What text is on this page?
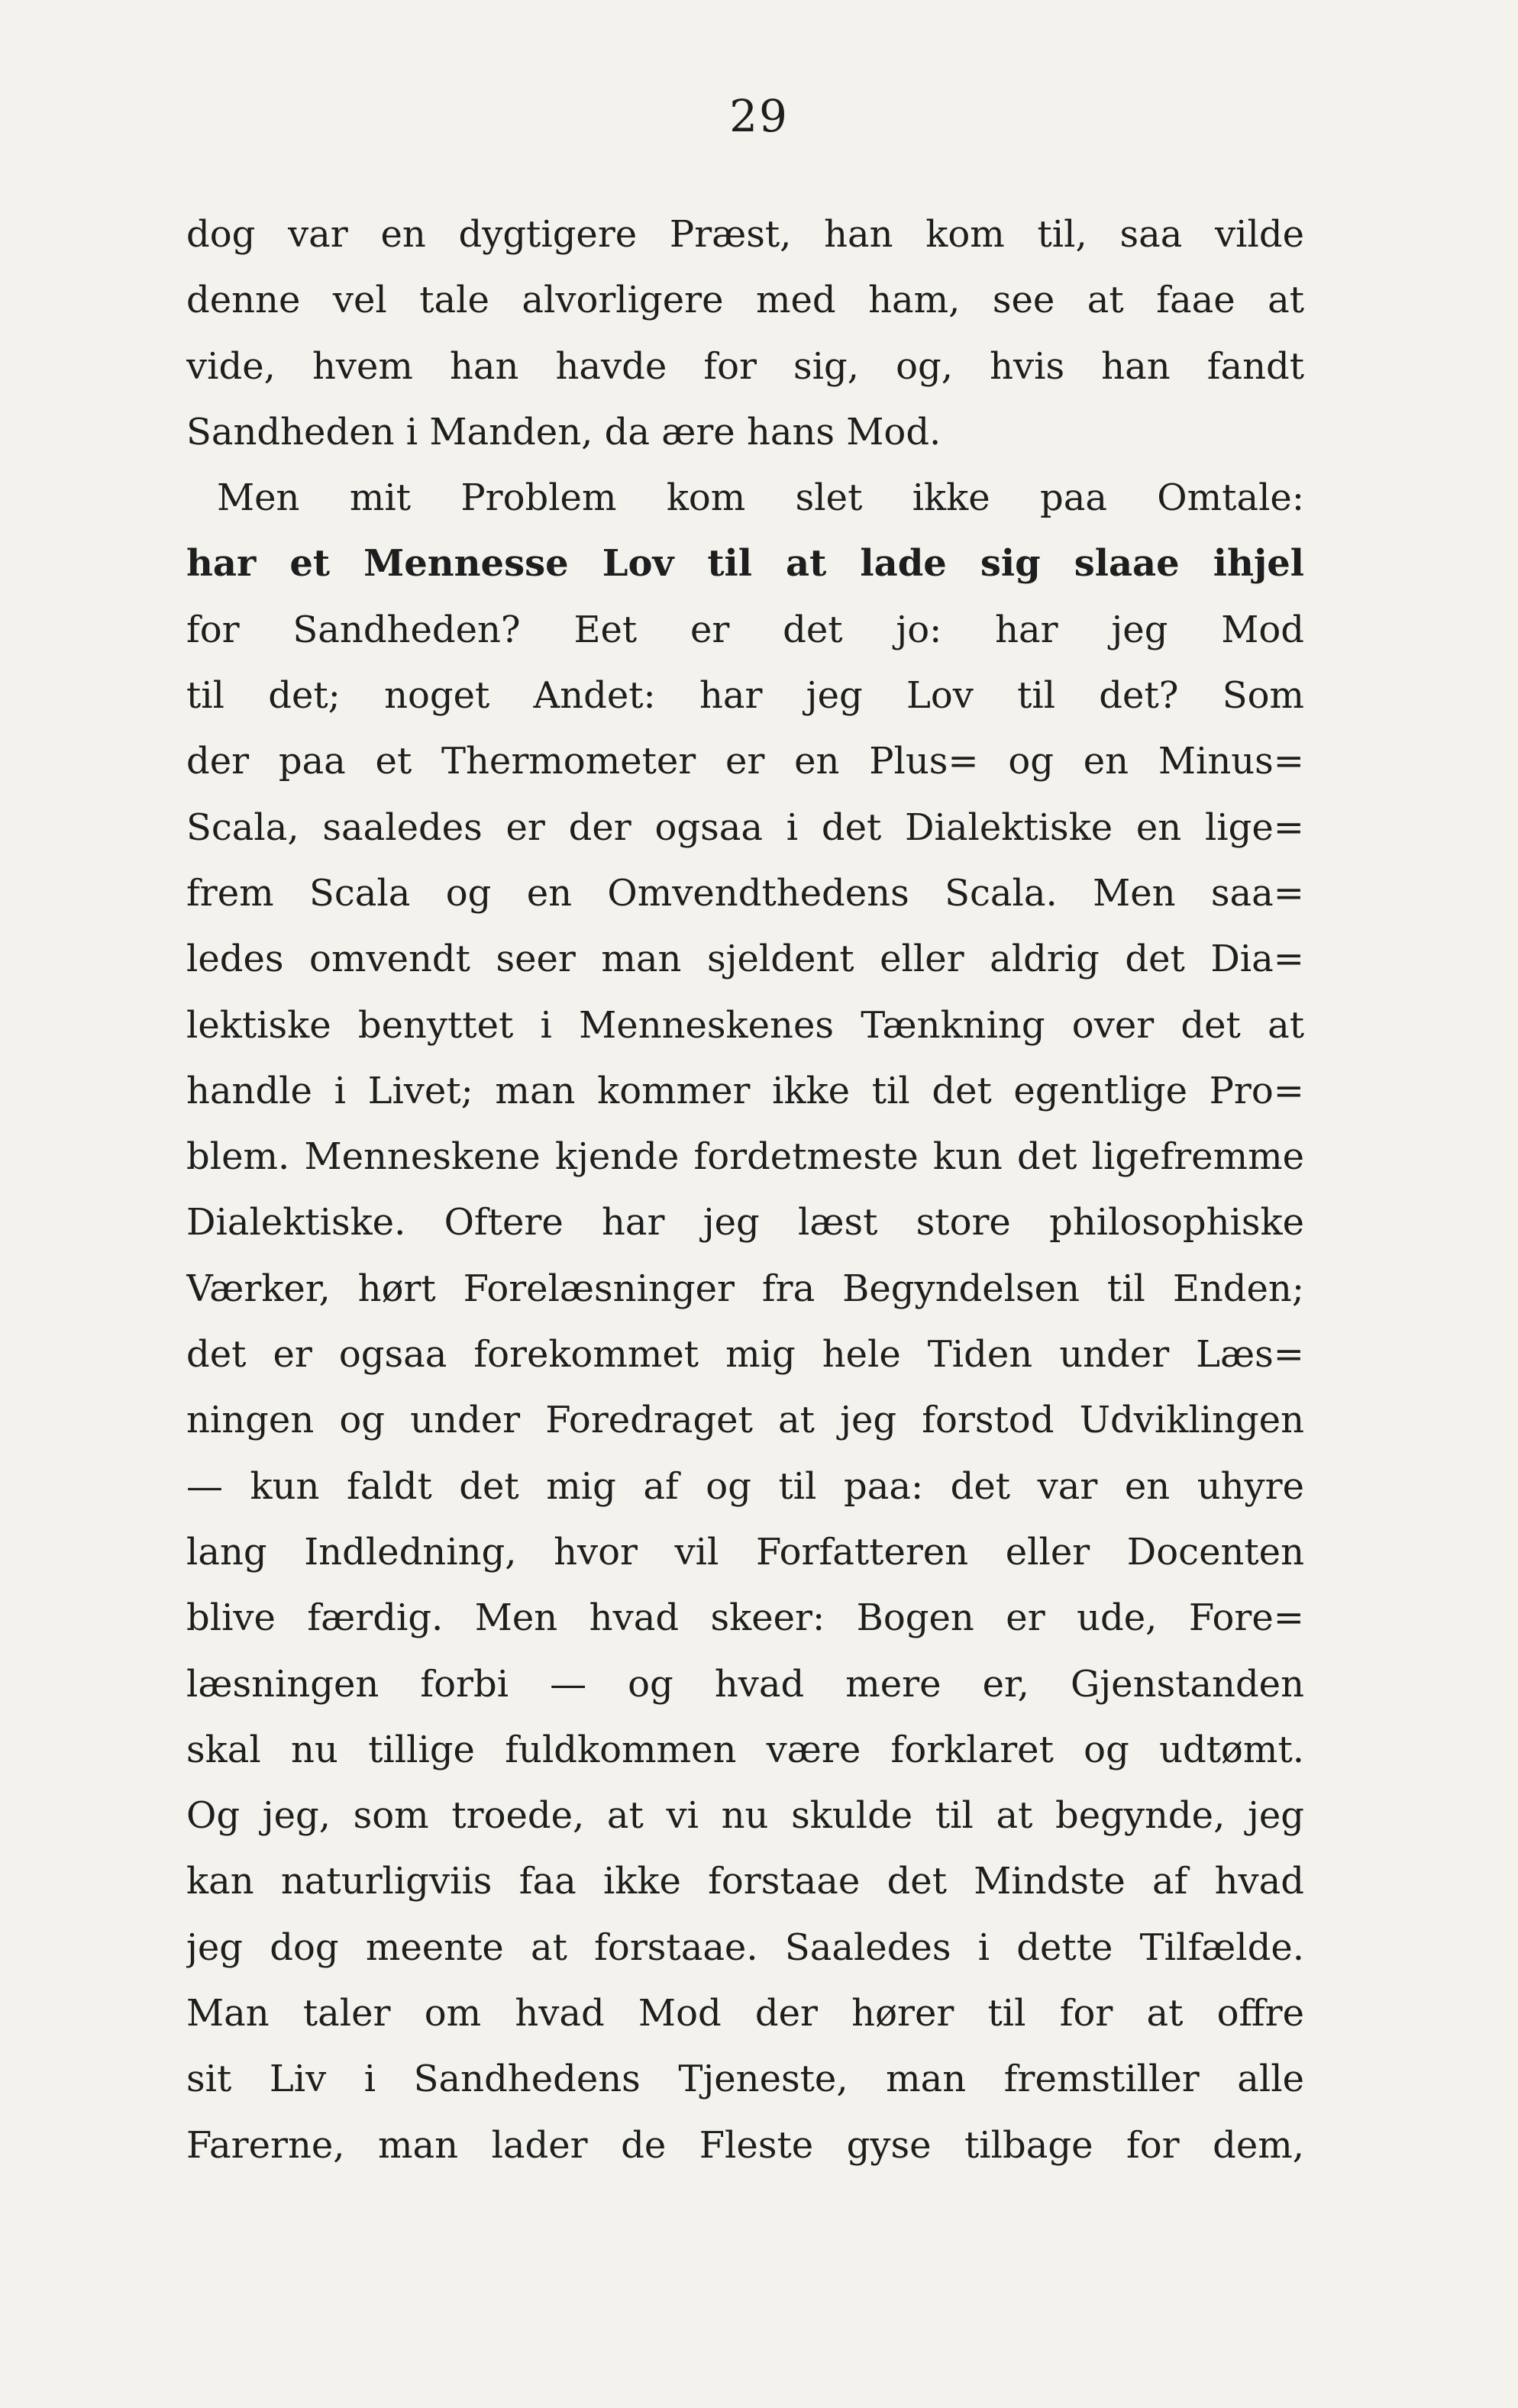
29
dog var en dygtigere Præst, han kom til, saa vilde
denne vel tale alvorligere med ham, see at faae at
vide, hvem han havde for sig, og, hvis han fandt
Sandheden i Manden, da ære hans Mod.
Men mit Problem kom slet ikke paa Omtale:
har et Mennesse Lov til at lade sig slaae ihjel
for Sandheden? Eet er det jo: har jeg Mod
til det; noget Andet: har jeg Lov til det? Som
der paa et Thermometer er en Plus= og en Minus=
Scala, saaledes er der ogsaa i det Dialektiske en lige=
frem Scala og en Omvendthedens Scala. Men saa=
ledes omvendt seer man sjeldent eller aldrig det Dia=
lektiske benyttet i Menneskenes Tænkning over det at
handle i Livet; man kommer ikke til det egentlige Pro=
blem. Menneskene kjende fordetmeste kun det ligefremme
Dialektiske. Oftere har jeg læst store philosophiske
Værker, hørt Forelæsninger fra Begyndelsen til Enden;
det er ogsaa forekommet mig hele Tiden under Læs=
ningen og under Foredraget at jeg forstod Udviklingen
— kun faldt det mig af og til paa: det var en uhyre
lang Indledning, hvor vil Forfatteren eller Docenten
blive færdig. Men hvad skeer: Bogen er ude, Fore=
læsningen forbi — og hvad mere er, Gjenstanden
skal nu tillige fuldkommen være forklaret og udtømt.
Og jeg, som troede, at vi nu skulde til at begynde, jeg
kan naturligviis faa ikke forstaae det Mindste af hvad
jeg dog meente at forstaae. Saaledes i dette Tilfælde.
Man taler om hvad Mod der hører til for at offre
sit Liv i Sandhedens Tjeneste, man fremstiller alle
Farerne, man lader de Fleste gyse tilbage for dem,
